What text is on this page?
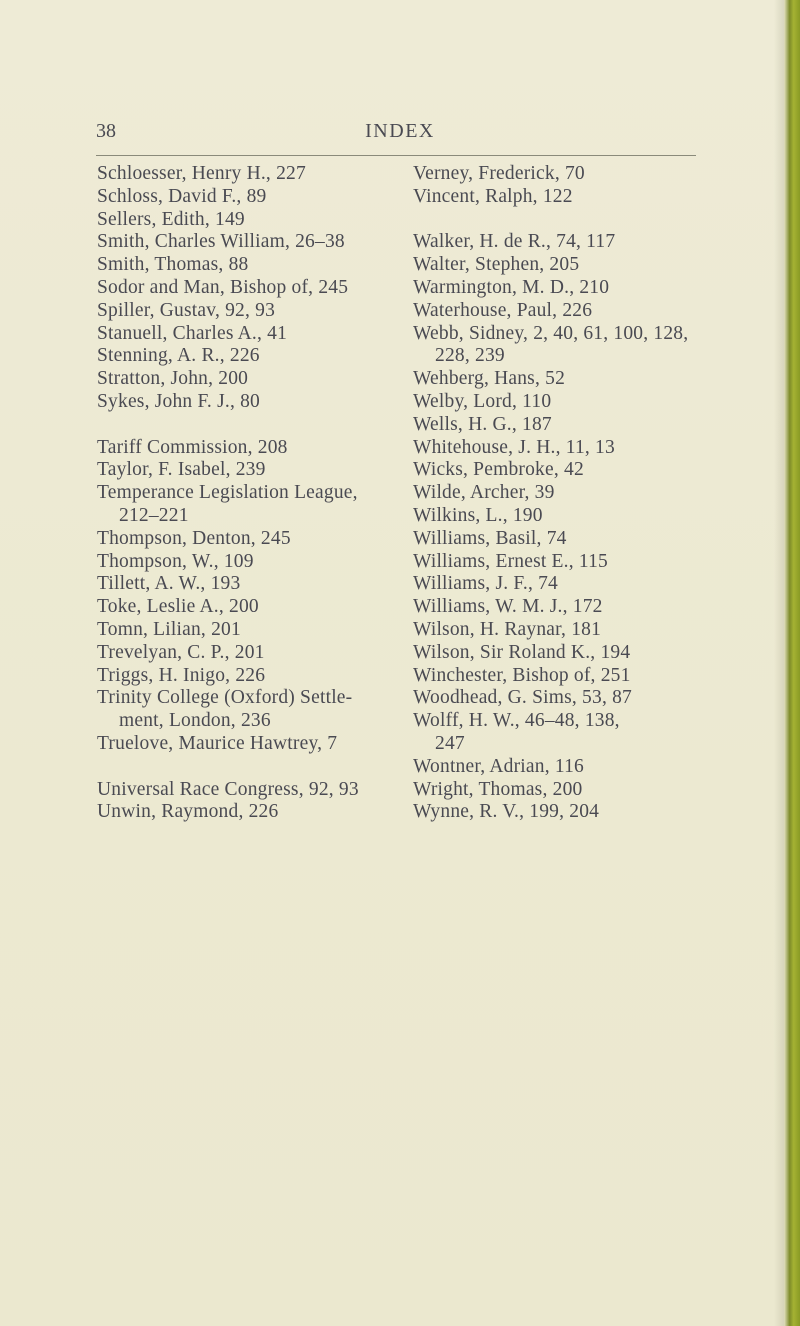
38	INDEX
Schloesser, Henry H., 227
Schloss, David F., 89
Sellers, Edith, 149
Smith, Charles William, 26–38
Smith, Thomas, 88
Sodor and Man, Bishop of, 245
Spiller, Gustav, 92, 93
Stanuell, Charles A., 41
Stenning, A. R., 226
Stratton, John, 200
Sykes, John F. J., 80
Tariff Commission, 208
Taylor, F. Isabel, 239
Temperance Legislation League,
212–221
Thompson, Denton, 245
Thompson, W., 109
Tillett, A. W., 193
Toke, Leslie A., 200
Tomn, Lilian, 201
Trevelyan, C. P., 201
Triggs, H. Inigo, 226
Trinity College (Oxford) Settle-
ment, London, 236
Truelove, Maurice Hawtrey, 7
Universal Race Congress, 92, 93
Unwin, Raymond, 226
Verney, Frederick, 70
Vincent, Ralph, 122
Walker, H. de R., 74, 117
Walter, Stephen, 205
Warmington, M. D., 210
Waterhouse, Paul, 226
Webb, Sidney, 2, 40, 61, 100, 128,
228, 239
Wehberg, Hans, 52
Welby, Lord, 110
Wells, H. G., 187
Whitehouse, J. H., 11, 13
Wicks, Pembroke, 42
Wilde, Archer, 39
Wilkins, L., 190
Williams, Basil, 74
Williams, Ernest E., 115
Williams, J. F., 74
Williams, W. M. J., 172
Wilson, H. Raynar, 181
Wilson, Sir Roland K., 194
Winchester, Bishop of, 251
Woodhead, G. Sims, 53, 87
Wolff, H. W., 46–48, 138,
247
Wontner, Adrian, 116
Wright, Thomas, 200
Wynne, R. V., 199, 204
